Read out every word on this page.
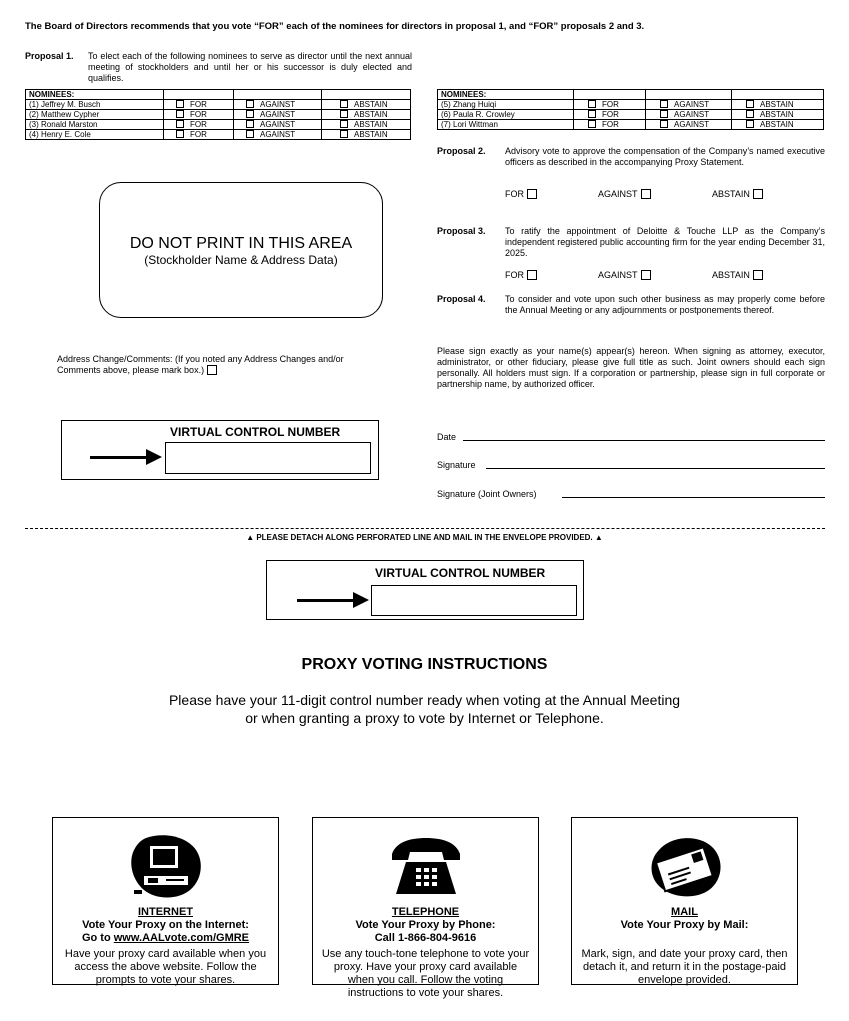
The Board of Directors recommends that you vote “FOR” each of the nominees for directors in proposal 1, and “FOR” proposals 2 and 3.
Proposal 1. To elect each of the following nominees to serve as director until the next annual meeting of stockholders and until her or his successor is duly elected and qualifies.
NOMINEES:			
(1) Jeffrey M. Busch	FOR	AGAINST	ABSTAIN
(2) Matthew Cypher	FOR	AGAINST	ABSTAIN
(3) Ronald Marston	FOR	AGAINST	ABSTAIN
(4) Henry E. Cole	FOR	AGAINST	ABSTAIN
NOMINEES:			
(5) Zhang Huiqi	FOR	AGAINST	ABSTAIN
(6) Paula R. Crowley	FOR	AGAINST	ABSTAIN
(7) Lori Wittman	FOR	AGAINST	ABSTAIN
Proposal 2. Advisory vote to approve the compensation of the Company’s named executive officers as described in the accompanying Proxy Statement.
FOR	AGAINST	ABSTAIN
DO NOT PRINT IN THIS AREA
(Stockholder Name & Address Data)
Proposal 3. To ratify the appointment of Deloitte & Touche LLP as the Company’s independent registered public accounting firm for the year ending December 31, 2025.
FOR	AGAINST	ABSTAIN
Proposal 4. To consider and vote upon such other business as may properly come before the Annual Meeting or any adjournments or postponements thereof.
Address Change/Comments: (If you noted any Address Changes and/or Comments above, please mark box.)
Please sign exactly as your name(s) appear(s) hereon. When signing as attorney, executor, administrator, or other fiduciary, please give full title as such. Joint owners should each sign personally. All holders must sign. If a corporation or partnership, please sign in full corporate or partnership name, by authorized officer.
VIRTUAL CONTROL NUMBER	Date
Signature
Signature (Joint Owners)
▲ PLEASE DETACH ALONG PERFORATED LINE AND MAIL IN THE ENVELOPE PROVIDED. ▲
VIRTUAL CONTROL NUMBER
PROXY VOTING INSTRUCTIONS
Please have your 11-digit control number ready when voting at the Annual Meeting
or when granting a proxy to vote by Internet or Telephone.
INTERNET
Vote Your Proxy on the Internet:
Go to www.AALvote.com/GMRE
Have your proxy card available when you access the above website. Follow the prompts to vote your shares.
TELEPHONE
Vote Your Proxy by Phone:
Call 1-866-804-9616
Use any touch-tone telephone to vote your proxy. Have your proxy card available when you call. Follow the voting instructions to vote your shares.
MAIL
Vote Your Proxy by Mail:
Mark, sign, and date your proxy card, then detach it, and return it in the postage-paid envelope provided.
